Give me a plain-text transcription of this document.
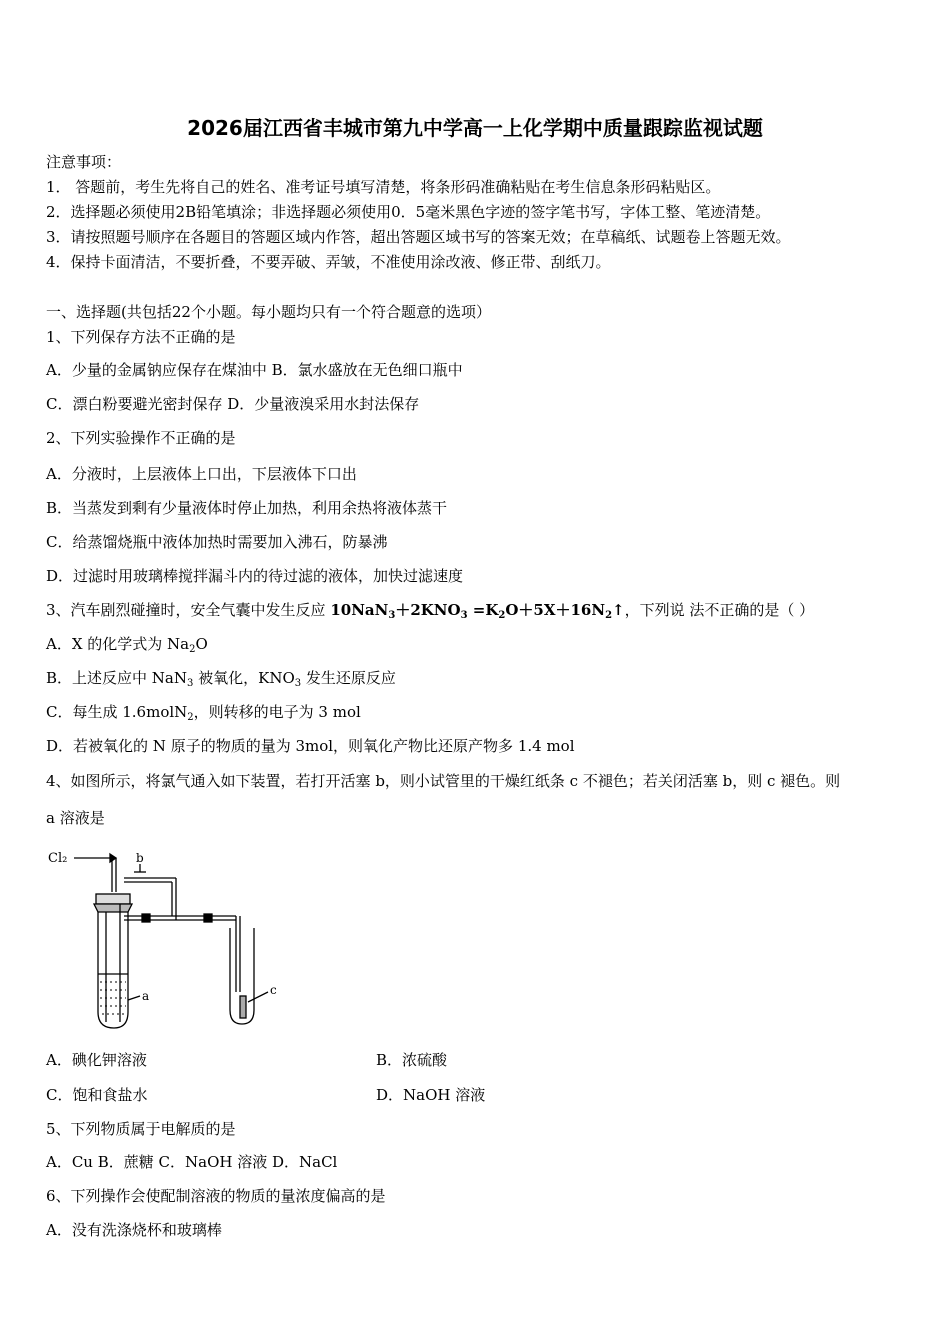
2026届江西省丰城市第九中学高一上化学期中质量跟踪监视试题
注意事项：
1． 答题前，考生先将自己的姓名、准考证号填写清楚，将条形码准确粘贴在考生信息条形码粘贴区。
2．选择题必须使用2B铅笔填涂；非选择题必须使用0．5毫米黑色字迹的签字笔书写，字体工整、笔迹清楚。
3．请按照题号顺序在各题目的答题区域内作答，超出答题区域书写的答案无效；在草稿纸、试题卷上答题无效。
4．保持卡面清洁，不要折叠，不要弄破、弄皱，不准使用涂改液、修正带、刮纸刀。
一、选择题(共包括22个小题。每小题均只有一个符合题意的选项）
1、下列保存方法不正确的是
A．少量的金属钠应保存在煤油中 B．氯水盛放在无色细口瓶中
C．漂白粉要避光密封保存 D．少量液溴采用水封法保存
2、下列实验操作不正确的是
A．分液时，上层液体上口出，下层液体下口出
B．当蒸发到剩有少量液体时停止加热，利用余热将液体蒸干
C．给蒸馏烧瓶中液体加热时需要加入沸石，防暴沸
D．过滤时用玻璃棒搅拌漏斗内的待过滤的液体，加快过滤速度
3、汽车剧烈碰撞时，安全气囊中发生反应 $10NaN_3+2KNO_3$ $=K_2O+5X+16N_2↑$，下列说 法不正确的是（ ）
A．X 的化学式为 $Na_2O$
B．上述反应中 NaN$_3$ 被氧化，$KNO_3$ 发生还原反应
C．每生成 1.6molN$_2$，则转移的电子为 3 mol
D．若被氧化的 N 原子的物质的量为 3mol，则氧化产物比还原产物多 1.4 mol
4、如图所示，将氯气通入如下装置，若打开活塞 b，则小试管里的干燥红纸条 c 不褪色；若关闭活塞 b，则 c 褪色。则
a 溶液是
Cl₂	b
a	c
A．碘化钾溶液	B．浓硫酸
C．饱和食盐水	D．NaOH 溶液
5、下列物质属于电解质的是
A．Cu B．蔗糖 C．NaOH 溶液 D．NaCl
6、下列操作会使配制溶液的物质的量浓度偏高的是
A．没有洗涤烧杯和玻璃棒
